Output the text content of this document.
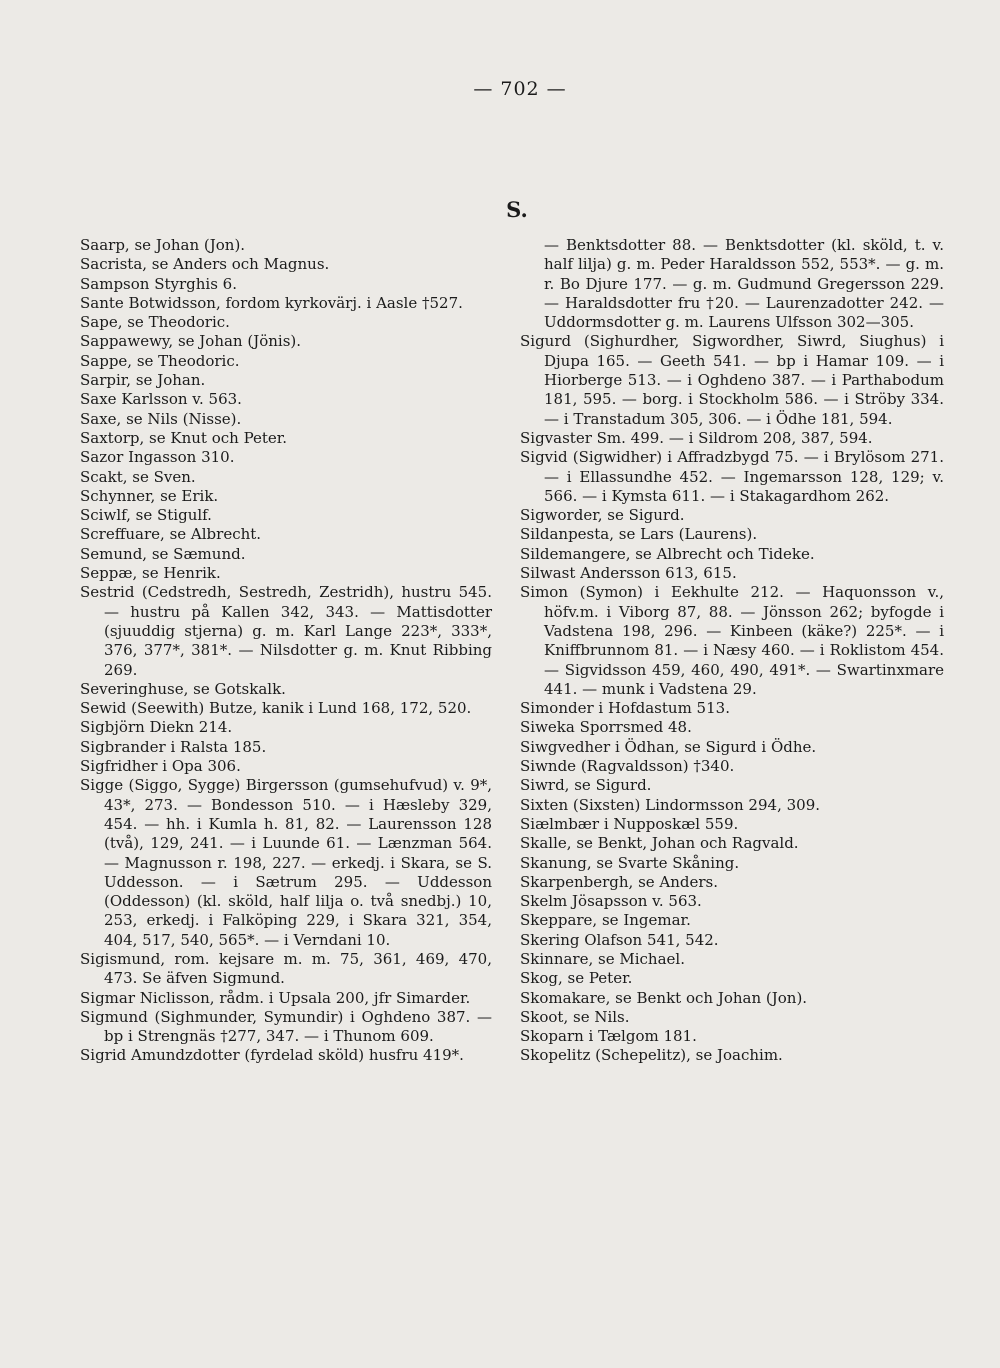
— 702 —
S.

Saarp, se Johan (Jon).

Sacrista, se Anders och Magnus.

Sampson Styrghis 6.

Sante Botwidsson, fordom kyrkovärj. i Aasle †527.

Sape, se Theodoric.

Sappawewy, se Johan (Jönis).

Sappe, se Theodoric.

Sarpir, se Johan.

Saxe Karlsson v. 563.

Saxe, se Nils (Nisse).

Saxtorp, se Knut och Peter.

Sazor Ingasson 310.

Scakt, se Sven.

Schynner, se Erik.

Sciwlf, se Stigulf.

Screffuare, se Albrecht.

Semund, se Sæmund.

Seppæ, se Henrik.

Sestrid (Cedstredh, Sestredh, Zestridh), hustru 545. — hustru på Kallen 342, 343. — Mattisdotter (sjuuddig stjerna) g. m. Karl Lange 223*, 333*, 376, 377*, 381*. — Nilsdotter g. m. Knut Ribbing 269.

Severinghuse, se Gotskalk.

Sewid (Seewith) Butze, kanik i Lund 168, 172, 520.

Sigbjörn Diekn 214.

Sigbrander i Ralsta 185.

Sigfridher i Opa 306.

Sigge (Siggo, Sygge) Birgersson (gumsehufvud) v. 9*, 43*, 273. — Bondesson 510. — i Hæsleby 329, 454. — hh. i Kumla h. 81, 82. — Laurensson 128 (två), 129, 241. — i Luunde 61. — Lænzman 564. — Magnusson r. 198, 227. — erkedj. i Skara, se S. Uddesson. — i Sætrum 295. — Uddesson (Oddesson) (kl. sköld, half lilja o. två snedbj.) 10, 253, erkedj. i Falköping 229, i Skara 321, 354, 404, 517, 540, 565*. — i Verndani 10.

Sigismund, rom. kejsare m. m. 75, 361, 469, 470, 473. Se äfven Sigmund.

Sigmar Niclisson, rådm. i Upsala 200, jfr Simarder.

Sigmund (Sighmunder, Symundir) i Oghdeno 387. — bp i Strengnäs †277, 347. — i Thunom 609.

Sigrid Amundzdotter (fyrdelad sköld) husfru 419*.

— Benktsdotter 88. — Benktsdotter (kl. sköld, t. v. half lilja) g. m. Peder Haraldsson 552, 553*. — g. m. r. Bo Djure 177. — g. m. Gudmund Gregersson 229. — Haraldsdotter fru †20. — Laurenzadotter 242. — Uddormsdotter g. m. Laurens Ulfsson 302—305.

Sigurd (Sighurdher, Sigwordher, Siwrd, Siughus) i Djupa 165. — Geeth 541. — bp i Hamar 109. — i Hiorberge 513. — i Oghdeno 387. — i Parthabodum 181, 595. — borg. i Stockholm 586. — i Ströby 334. — i Transtadum 305, 306. — i Ödhe 181, 594.

Sigvaster Sm. 499. — i Sildrom 208, 387, 594.

Sigvid (Sigwidher) i Affradzbygd 75. — i Brylösom 271. — i Ellassundhe 452. — Ingemarsson 128, 129; v. 566. — i Kymsta 611. — i Stakagardhom 262.

Sigworder, se Sigurd.

Sildanpesta, se Lars (Laurens).

Sildemangere, se Albrecht och Tideke.

Silwast Andersson 613, 615.

Simon (Symon) i Eekhulte 212. — Haquonsson v., höfv.m. i Viborg 87, 88. — Jönsson 262; byfogde i Vadstena 198, 296. — Kinbeen (käke?) 225*. — i Kniffbrunnom 81. — i Næsy 460. — i Roklistom 454. — Sigvidsson 459, 460, 490, 491*. — Swartinxmare 441. — munk i Vadstena 29.

Simonder i Hofdastum 513.

Siweka Sporrsmed 48.

Siwgvedher i Ödhan, se Sigurd i Ödhe.

Siwnde (Ragvaldsson) †340.

Siwrd, se Sigurd.

Sixten (Sixsten) Lindormsson 294, 309.

Siælmbær i Nupposkæl 559.

Skalle, se Benkt, Johan och Ragvald.

Skanung, se Svarte Skåning.

Skarpenbergh, se Anders.

Skelm Jösapsson v. 563.

Skeppare, se Ingemar.

Skering Olafson 541, 542.

Skinnare, se Michael.

Skog, se Peter.

Skomakare, se Benkt och Johan (Jon).

Skoot, se Nils.

Skoparn i Tælgom 181.

Skopelitz (Schepelitz), se Joachim.
